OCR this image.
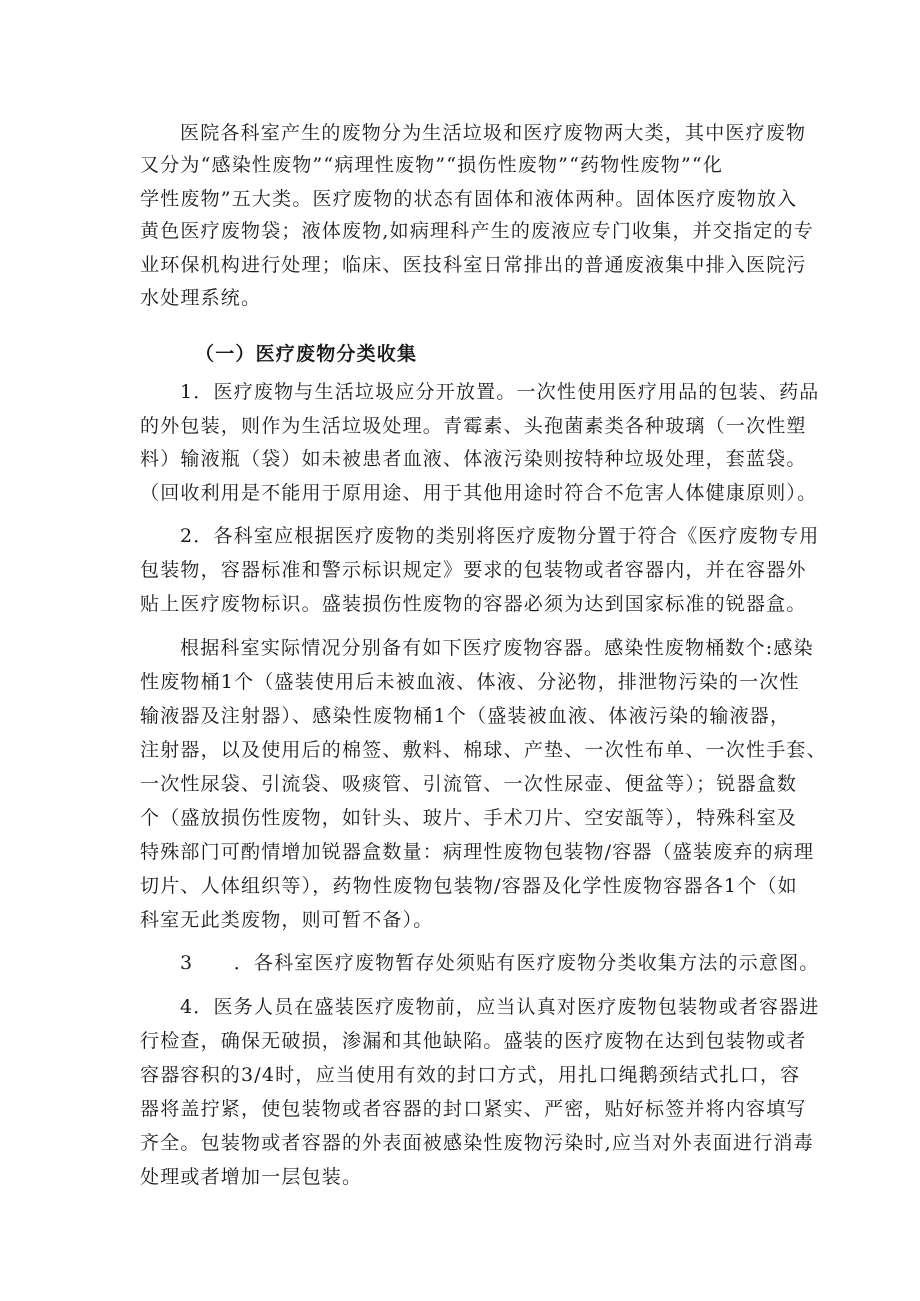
医院各科室产生的废物分为生活垃圾和医疗废物两大类，其中医疗废物
又分为“感染性废物”“病理性废物”“损伤性废物”“药物性废物”“化
学性废物”五大类。医疗废物的状态有固体和液体两种。固体医疗废物放入
黄色医疗废物袋；液体废物,如病理科产生的废液应专门收集，并交指定的专
业环保机构进行处理；临床、医技科室日常排出的普通废液集中排入医院污
水处理系统。
（一）医疗废物分类收集
1．医疗废物与生活垃圾应分开放置。一次性使用医疗用品的包装、药品
的外包装，则作为生活垃圾处理。青霉素、头孢菌素类各种玻璃（一次性塑
料）输液瓶（袋）如未被患者血液、体液污染则按特种垃圾处理，套蓝袋。
（回收利用是不能用于原用途、用于其他用途时符合不危害人体健康原则）。
2．各科室应根据医疗废物的类别将医疗废物分置于符合《医疗废物专用
包装物，容器标准和警示标识规定》要求的包装物或者容器内，并在容器外
贴上医疗废物标识。盛装损伤性废物的容器必须为达到国家标准的锐器盒。
根据科室实际情况分别备有如下医疗废物容器。感染性废物桶数个:感染
性废物桶1个（盛装使用后未被血液、体液、分泌物，排泄物污染的一次性
输液器及注射器）、感染性废物桶1个（盛装被血液、体液污染的输液器，
注射器，以及使用后的棉签、敷料、棉球、产垫、一次性布单、一次性手套、
一次性尿袋、引流袋、吸痰管、引流管、一次性尿壶、便盆等）；锐器盒数
个（盛放损伤性废物，如针头、玻片、手术刀片、空安瓿等），特殊科室及
特殊部门可酌情增加锐器盒数量：病理性废物包装物/容器（盛装废弃的病理
切片、人体组织等），药物性废物包装物/容器及化学性废物容器各1个（如
科室无此类废物，则可暂不备）。
3　　．各科室医疗废物暂存处须贴有医疗废物分类收集方法的示意图。
4．医务人员在盛装医疗废物前，应当认真对医疗废物包装物或者容器进
行检查，确保无破损，渗漏和其他缺陷。盛装的医疗废物在达到包装物或者
容器容积的3/4时，应当使用有效的封口方式，用扎口绳鹅颈结式扎口，容
器将盖拧紧，使包装物或者容器的封口紧实、严密，贴好标签并将内容填写
齐全。包装物或者容器的外表面被感染性废物污染时,应当对外表面进行消毒
处理或者增加一层包装。
